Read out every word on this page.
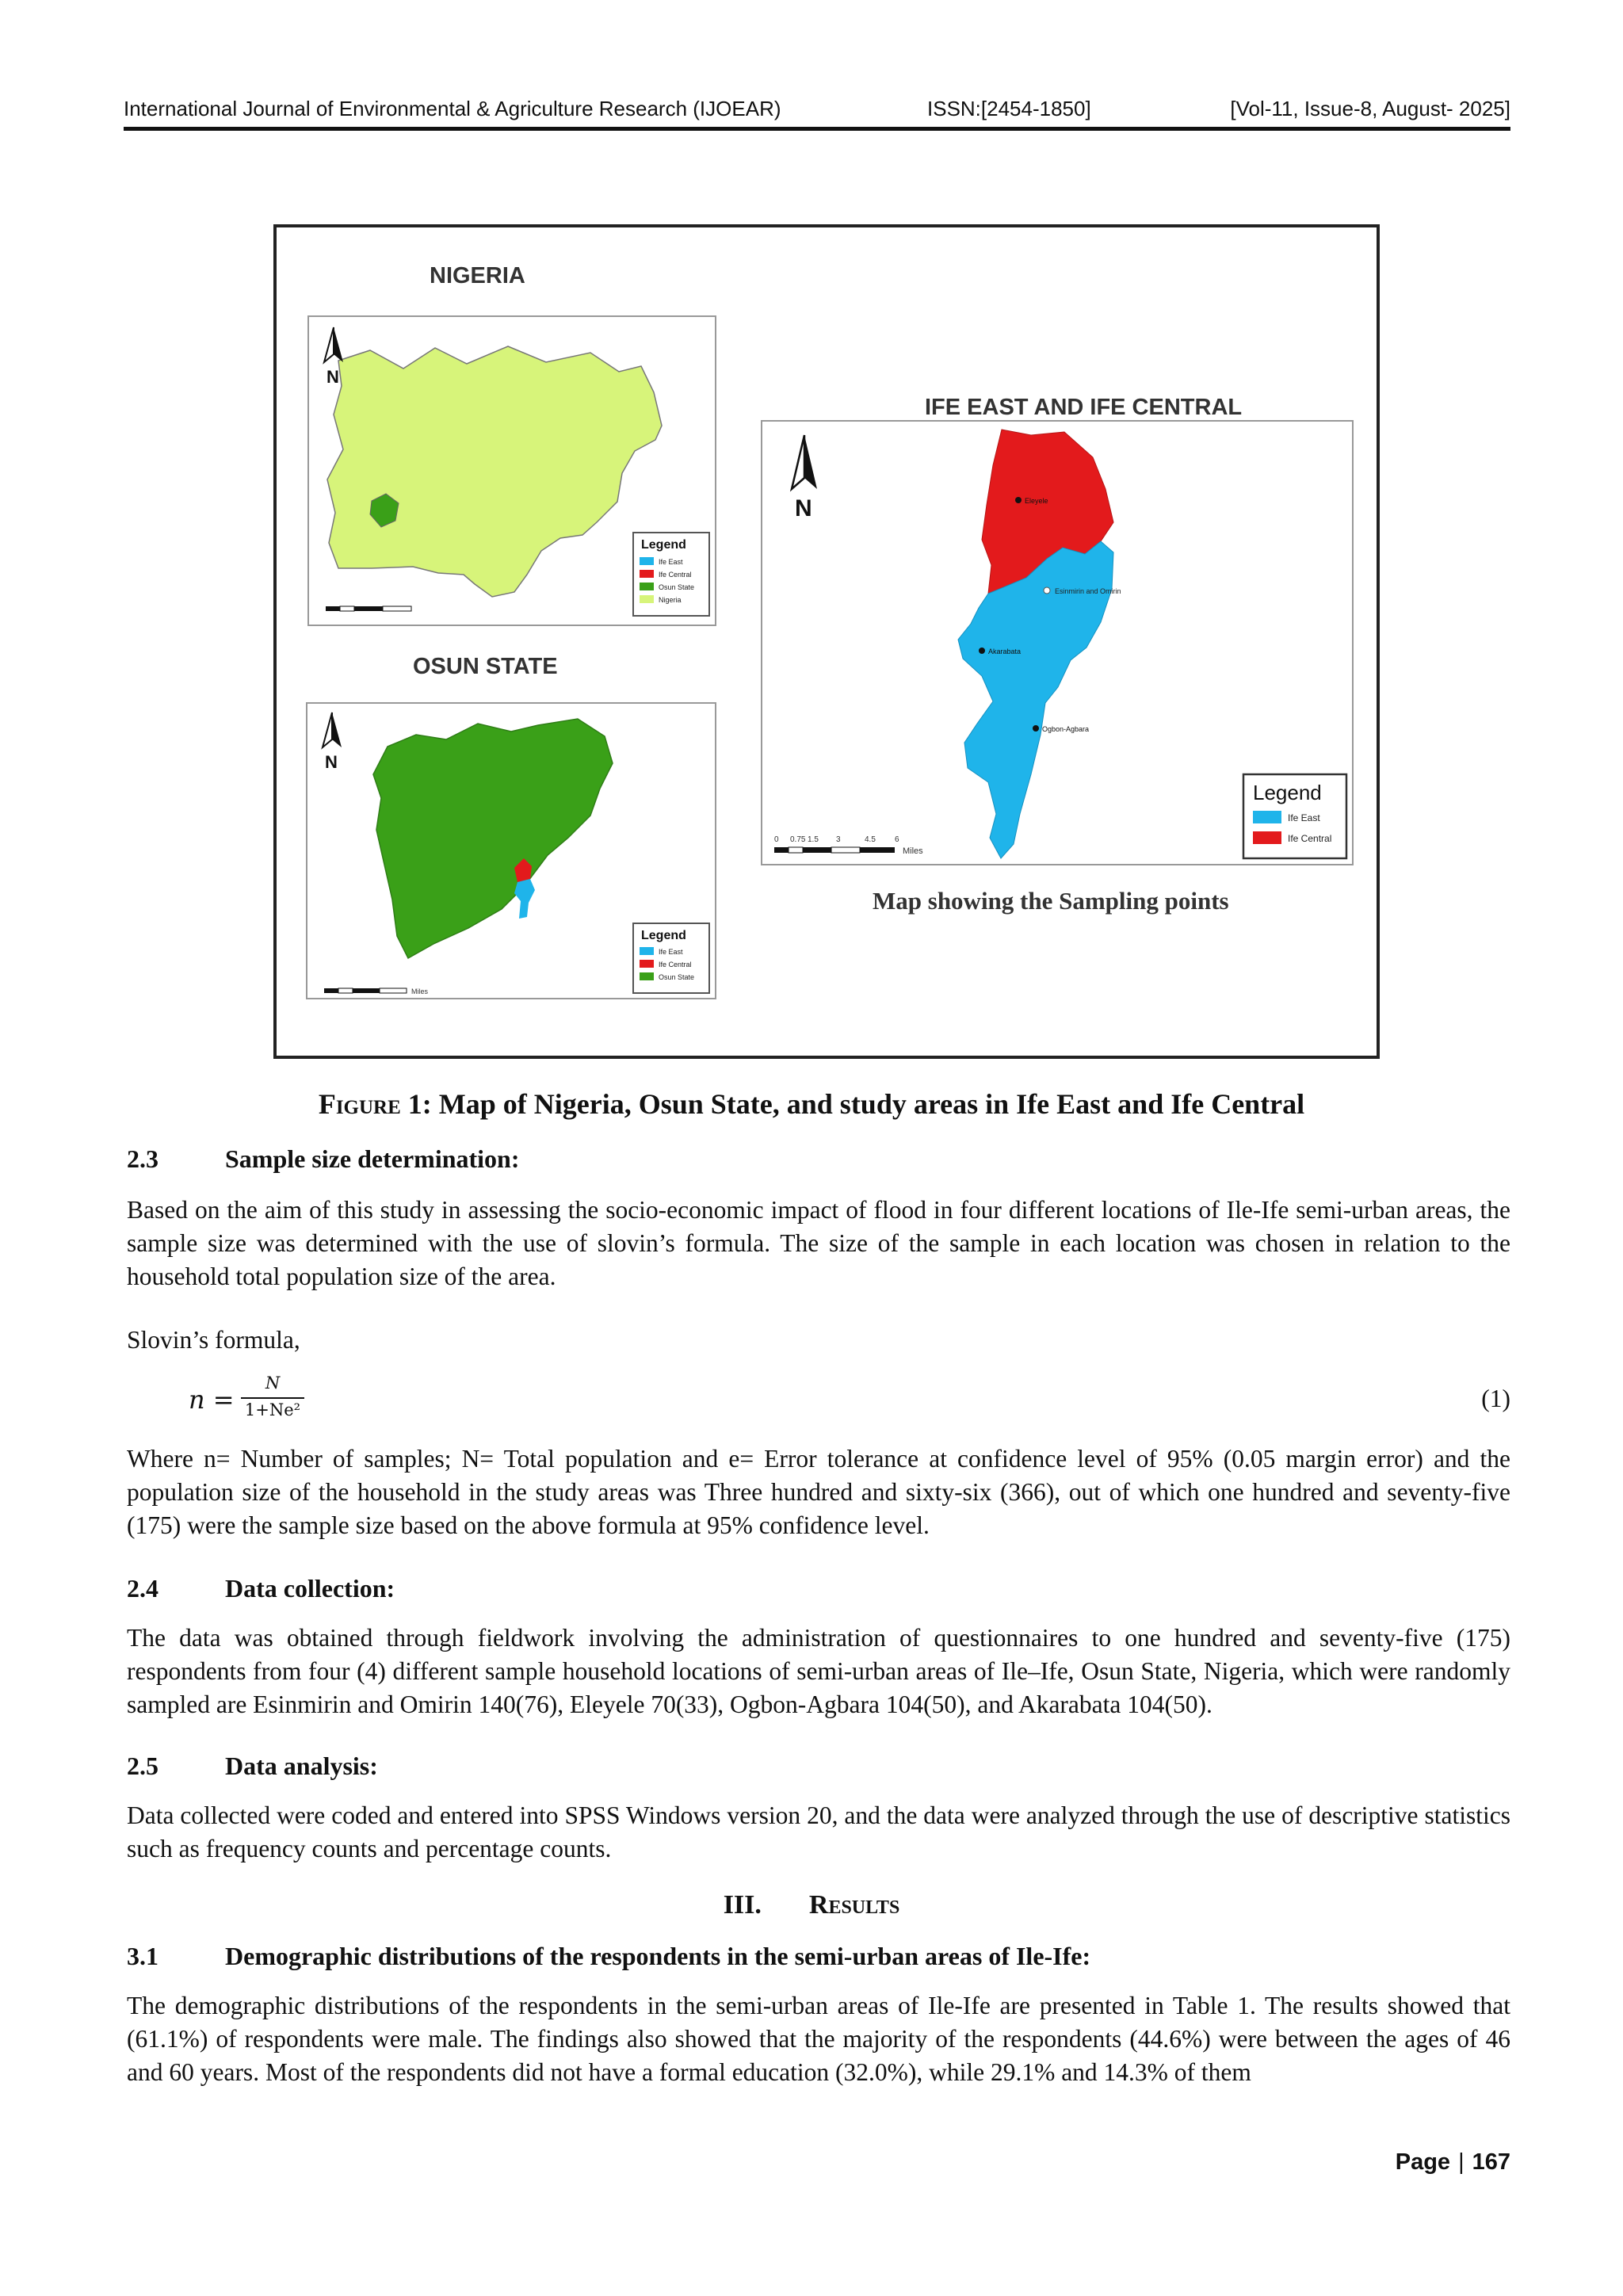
International Journal of Environmental & Agriculture Research (IJOEAR)	ISSN:[2454-1850]	[Vol-11, Issue-8, August- 2025]
NIGERIA
N
Legend
Ife East
Ife Central
Osun State
Nigeria
OSUN STATE
N
Miles
Legend
Ife East
Ife Central
Osun State
IFE EAST AND IFE CENTRAL
Eleyele
Esinmirin and Omirin
Akarabata
Ogbon-Agbara
N
0 0.75 1.5 3	4.5 6
Miles
Legend
Ife East
Ife Central
Map showing the Sampling points
Figure 1: Map of Nigeria, Osun State, and study areas in Ife East and Ife Central
2.3	Sample size determination:

Based on the aim of this study in assessing the socio-economic impact of flood in four different locations of Ile-Ife semi-urban areas, the sample size was determined with the use of slovin’s formula. The size of the sample in each location was chosen in relation to the household total population size of the area.

Slovin’s formula,

n =
N
1+Ne²	(1)

Where n= Number of samples; N= Total population and e= Error tolerance at confidence level of 95% (0.05 margin error) and the population size of the household in the study areas was Three hundred and sixty-six (366), out of which one hundred and seventy-five (175) were the sample size based on the above formula at 95% confidence level.

2.4	Data collection:

The data was obtained through fieldwork involving the administration of questionnaires to one hundred and seventy-five (175) respondents from four (4) different sample household locations of semi-urban areas of Ile–Ife, Osun State, Nigeria, which were randomly sampled are Esinmirin and Omirin 140(76), Eleyele 70(33), Ogbon-Agbara 104(50), and Akarabata 104(50).

2.5	Data analysis:

Data collected were coded and entered into SPSS Windows version 20, and the data were analyzed through the use of descriptive statistics such as frequency counts and percentage counts.

III. Results
3.1	Demographic distributions of the respondents in the semi-urban areas of Ile-Ife:

The demographic distributions of the respondents in the semi-urban areas of Ile-Ife are presented in Table 1. The results showed that (61.1%) of respondents were male. The findings also showed that the majority of the respondents (44.6%) were between the ages of 46 and 60 years. Most of the respondents did not have a formal education (32.0%), while 29.1% and 14.3% of them

Page | 167
